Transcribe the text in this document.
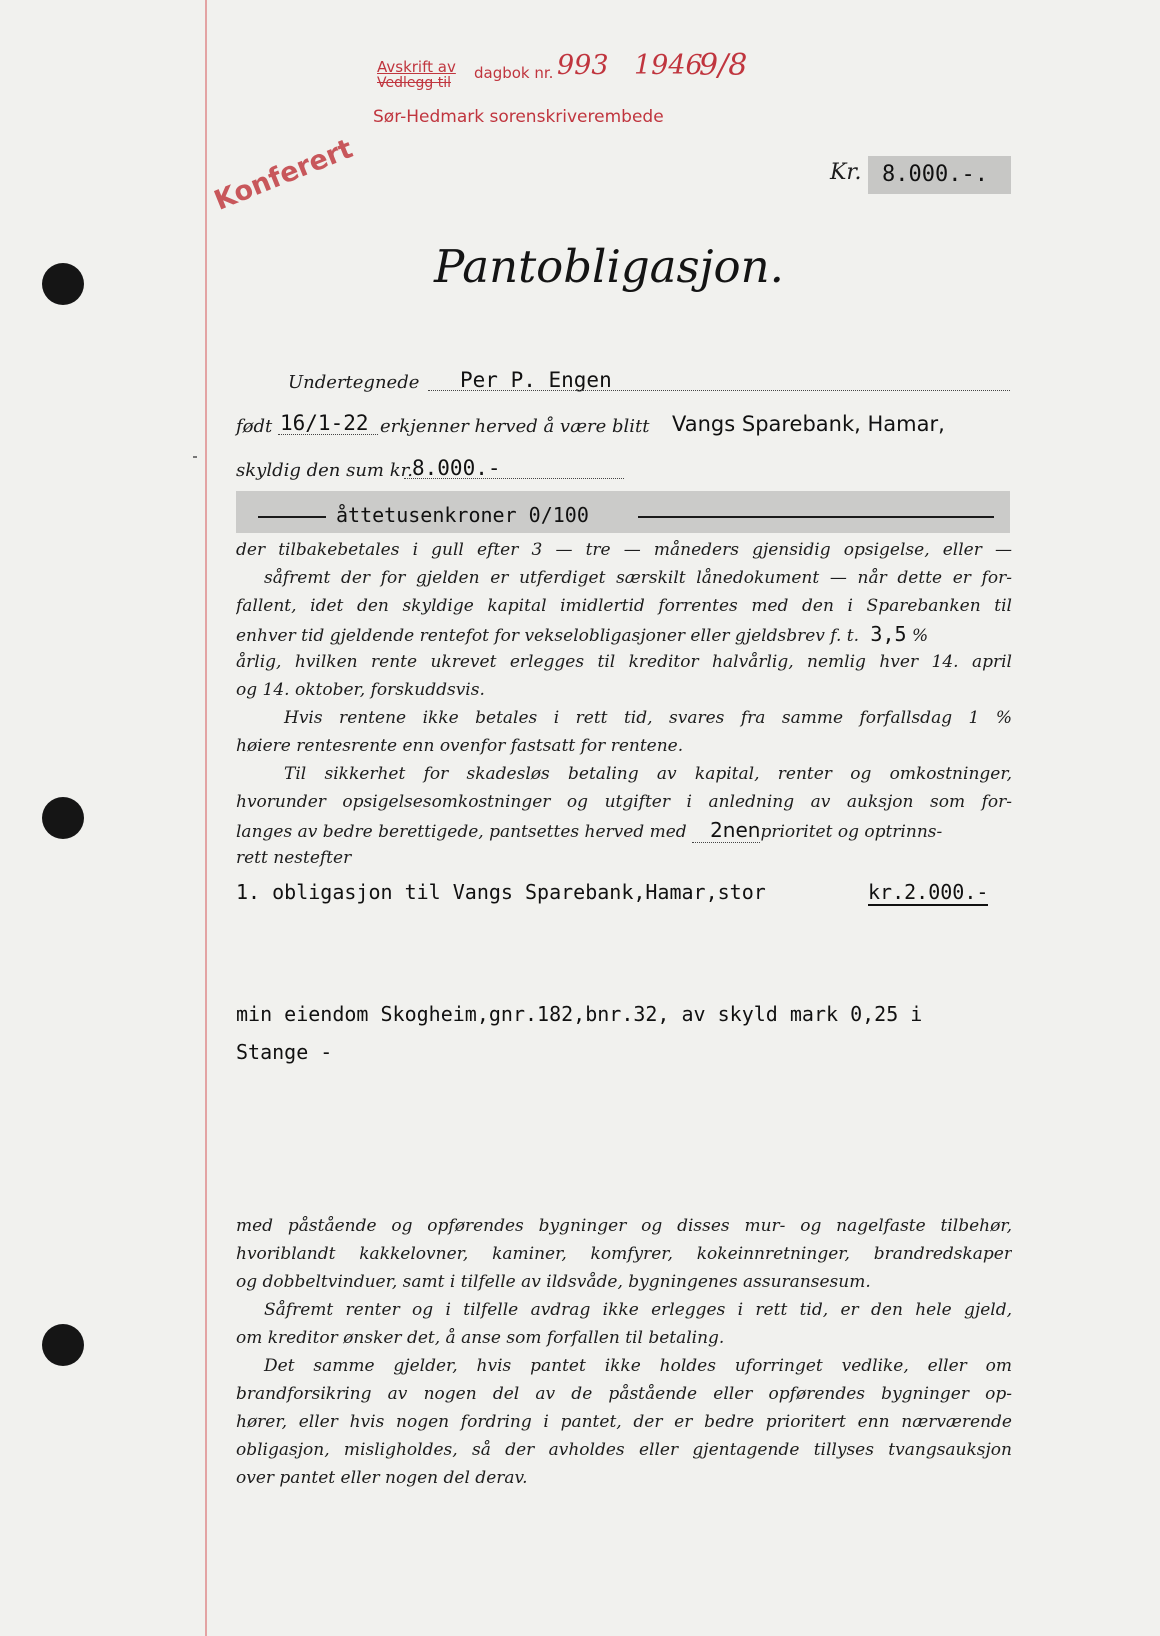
Avskrift av
Vedlegg til
dagbok nr. 993 1946
9/8
Sør-Hedmark sorenskriverembede
Konferert	Kr. 8.000.-.
Pantobligasjon.
Undertegnede Per P. Engen
født 16/1-22 erkjenner herved å være blitt Vangs Sparebank, Hamar,
skyldig den sum kr. 8.000.-
åttetusenkroner 0/100
der tilbakebetales i gull efter 3 — tre — måneders gjensidig opsigelse, eller —
såfremt der for gjelden er utferdiget særskilt lånedokument — når dette er for-
fallent, idet den skyldige kapital imidlertid forrentes med den i Sparebanken til
enhver tid gjeldende rentefot for vekselobligasjoner eller gjeldsbrev f. t. 3,5 %
årlig, hvilken rente ukrevet erlegges til kreditor halvårlig, nemlig hver 14. april
og 14. oktober, forskuddsvis.
Hvis rentene ikke betales i rett tid, svares fra samme forfallsdag 1 %
høiere rentesrente enn ovenfor fastsatt for rentene.
Til sikkerhet for skadesløs betaling av kapital, renter og omkostninger,
hvorunder opsigelsesomkostninger og utgifter i anledning av auksjon som for-
langes av bedre berettigede, pantsettes herved med 2nenprioritet og optrinns-
rett nestefter
1. obligasjon til Vangs Sparebank,Hamar,stor	kr.2.000.-
min eiendom Skogheim,gnr.182,bnr.32, av skyld mark 0,25 i
Stange -
med påstående og opførendes bygninger og disses mur- og nagelfaste tilbehør,
hvoriblandt kakkelovner, kaminer, komfyrer, kokeinnretninger, brandredskaper
og dobbeltvinduer, samt i tilfelle av ildsvåde, bygningenes assuransesum.
Såfremt renter og i tilfelle avdrag ikke erlegges i rett tid, er den hele gjeld,
om kreditor ønsker det, å anse som forfallen til betaling.
Det samme gjelder, hvis pantet ikke holdes uforringet vedlike, eller om
brandforsikring av nogen del av de påstående eller opførendes bygninger op-
hører, eller hvis nogen fordring i pantet, der er bedre prioritert enn nærværende
obligasjon, misligholdes, så der avholdes eller gjentagende tillyses tvangsauksjon
over pantet eller nogen del derav.
